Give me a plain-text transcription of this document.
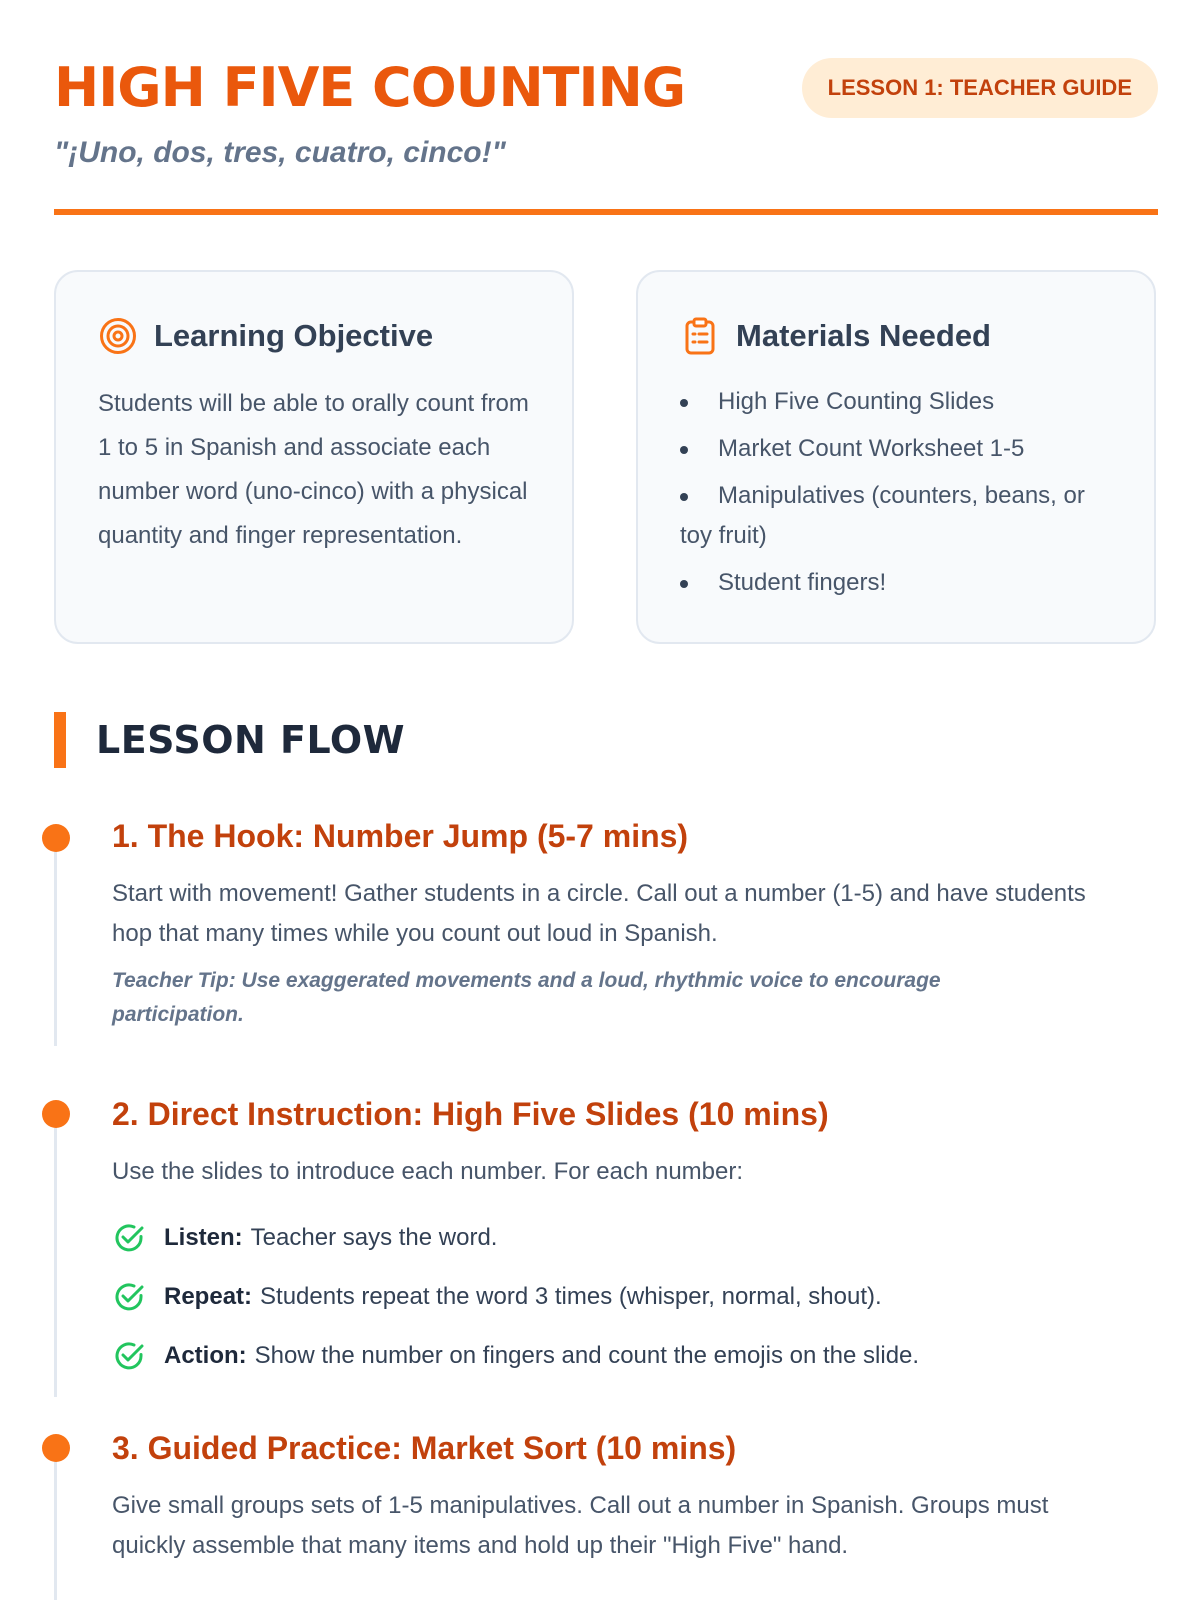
HIGH FIVE COUNTING	LESSON 1: TEACHER GUIDE
"¡Uno, dos, tres, cuatro, cinco!"
Learning Objective
Students will be able to orally count from 1 to 5 in Spanish and associate each number word (uno-cinco) with a physical quantity and finger representation.
Materials Needed
High Five Counting Slides
Market Count Worksheet 1-5
Manipulatives (counters, beans, or toy fruit)
Student fingers!
LESSON FLOW
1. The Hook: Number Jump (5-7 mins)
Start with movement! Gather students in a circle. Call out a number (1-5) and have students hop that many times while you count out loud in Spanish.
Teacher Tip: Use exaggerated movements and a loud, rhythmic voice to encourage participation.
2. Direct Instruction: High Five Slides (10 mins)
Use the slides to introduce each number. For each number:
Listen: Teacher says the word.
Repeat: Students repeat the word 3 times (whisper, normal, shout).
Action: Show the number on fingers and count the emojis on the slide.
3. Guided Practice: Market Sort (10 mins)
Give small groups sets of 1-5 manipulatives. Call out a number in Spanish. Groups must quickly assemble that many items and hold up their "High Five" hand.
